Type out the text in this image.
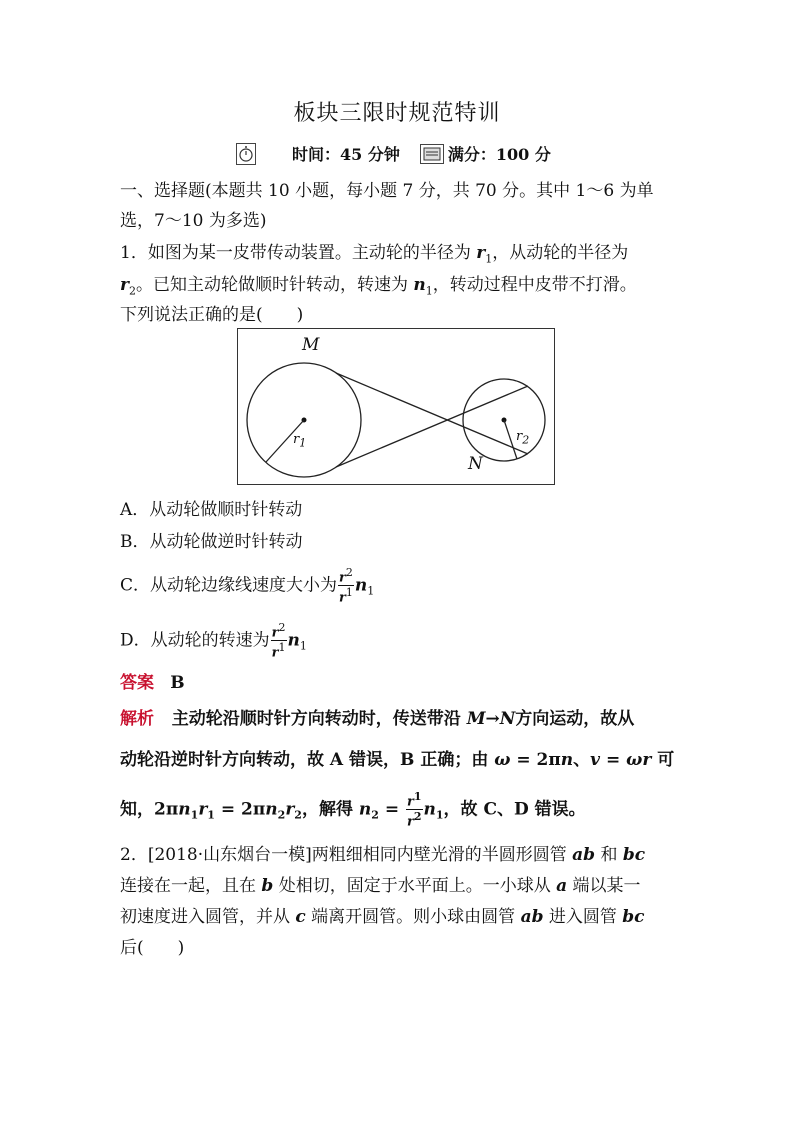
板块三限时规范特训
时间：45 分钟	满分：100 分
一、选择题(本题共 10 小题，每小题 7 分，共 70 分。其中 1～6 为单
选，7～10 为多选)
1．如图为某一皮带传动装置。主动轮的半径为 $r_1$，从动轮的半径为
$r_2$。已知主动轮做顺时针转动，转速为 $n_1$，转动过程中皮带不打滑。
下列说法正确的是(　　)
M
N
$r_1$	$r_2$
A．从动轮做顺时针转动
B．从动轮做逆时针转动
C．从动轮边缘线速度大小为 $\frac{r^2}{r^1} n_1$
D．从动轮的转速为 $\frac{r^2}{r^1} n_1$
答案 B
解析 主动轮沿顺时针方向转动时，传送带沿 M→N方向运动，故从
动轮沿逆时针方向转动，故 A 错误，B 正确；由 ω = 2πn、v = ωr 可
知，$2\pi n_1r_1 = 2\pi n_2r_2$，解得 $n_2 = \frac{r^1}{r^2} n_1$，故 C、D 错误。
2．[2018·山东烟台一模]两粗细相同内壁光滑的半圆形圆管 ab 和 bc
连接在一起，且在 b 处相切，固定于水平面上。一小球从 a 端以某一
初速度进入圆管，并从 c 端离开圆管。则小球由圆管 ab 进入圆管 bc
后(　　)
